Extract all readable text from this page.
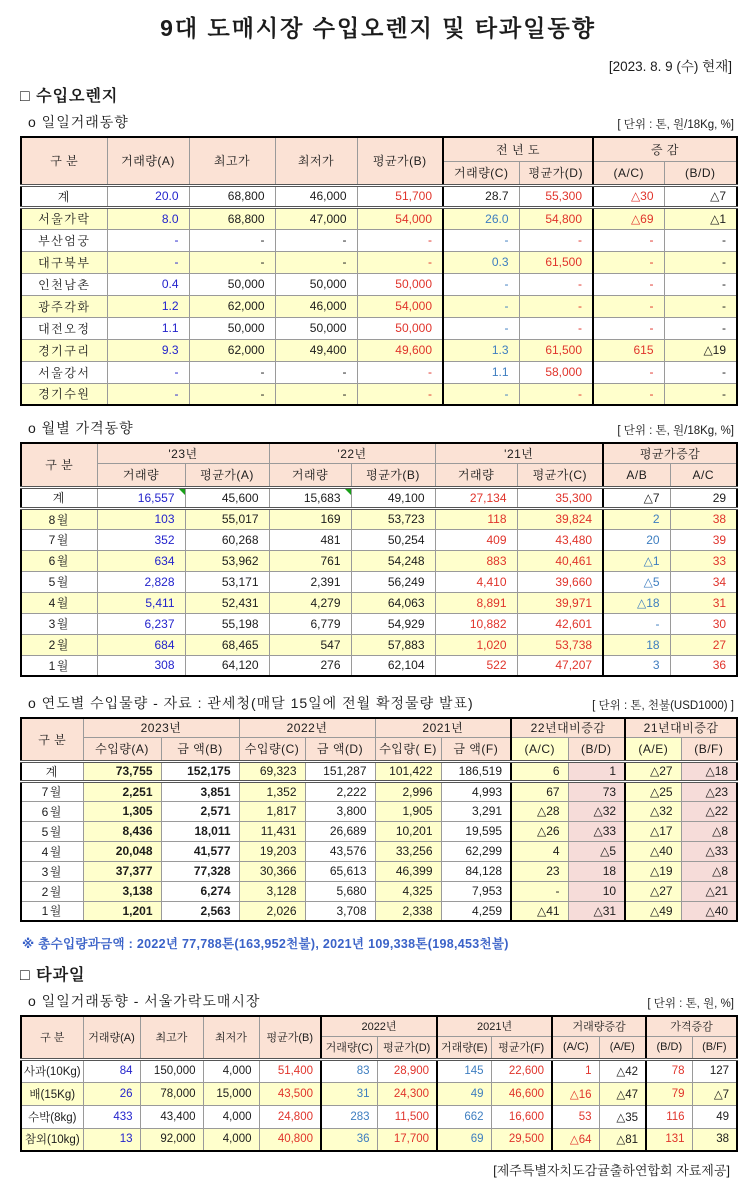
9대 도매시장 수입오렌지 및 타과일동향
[2023. 8. 9 (수) 현재]
□ 수입오렌지
o 일일거래동향	[ 단위 : 톤, 원/18Kg, %]
구 분	거래량(A)	최고가	최저가	평균가(B)	전 년 도		증 감	
					거래량(C)	평균가(D)	(A/C)	(B/D)
계	20.0	68,800	46,000	51,700	28.7	55,300	△30	△7
서울가락	8.0	68,800	47,000	54,000	26.0	54,800	△69	△1
부산엄궁	-	-	-	-	-	-	-	-
대구북부	-	-	-	-	0.3	61,500	-	-
인천남촌	0.4	50,000	50,000	50,000	-	-	-	-
광주각화	1.2	62,000	46,000	54,000	-	-	-	-
대전오정	1.1	50,000	50,000	50,000	-	-	-	-
경기구리	9.3	62,000	49,400	49,600	1.3	61,500	615	△19
서울강서	-	-	-	-	1.1	58,000	-	-
경기수원	-	-	-	-	-	-	-	-
o 월별 가격동향	[ 단위 : 톤, 원/18Kg, %]
구 분	'23년		'22년		'21년		평균가증감	
	거래량	평균가(A)	거래량	평균가(B)	거래량	평균가(C)	A/B	A/C
계	16,557	45,600	15,683	49,100	27,134	35,300	△7	29
8월	103	55,017	169	53,723	118	39,824	2	38
7월	352	60,268	481	50,254	409	43,480	20	39
6월	634	53,962	761	54,248	883	40,461	△1	33
5월	2,828	53,171	2,391	56,249	4,410	39,660	△5	34
4월	5,411	52,431	4,279	64,063	8,891	39,971	△18	31
3월	6,237	55,198	6,779	54,929	10,882	42,601	-	30
2월	684	68,465	547	57,883	1,020	53,738	18	27
1월	308	64,120	276	62,104	522	47,207	3	36
o 연도별 수입물량 - 자료 : 관세청(매달 15일에 전월 확정물량 발표)	[ 단위 : 톤, 천불(USD1000) ]
구 분	2023년		2022년		2021년		22년대비증감		21년대비증감	
	수입량(A)	금 액(B)	수입량(C)	금 액(D)	수입량( E)	금 액(F)	(A/C)	(B/D)	(A/E)	(B/F)
계	73,755	152,175	69,323	151,287	101,422	186,519	6	1	△27	△18
7월	2,251	3,851	1,352	2,222	2,996	4,993	67	73	△25	△23
6월	1,305	2,571	1,817	3,800	1,905	3,291	△28	△32	△32	△22
5월	8,436	18,011	11,431	26,689	10,201	19,595	△26	△33	△17	△8
4월	20,048	41,577	19,203	43,576	33,256	62,299	4	△5	△40	△33
3월	37,377	77,328	30,366	65,613	46,399	84,128	23	18	△19	△8
2월	3,138	6,274	3,128	5,680	4,325	7,953	-	10	△27	△21
1월	1,201	2,563	2,026	3,708	2,338	4,259	△41	△31	△49	△40
※ 총수입량과금액 : 2022년 77,788톤(163,952천불), 2021년 109,338톤(198,453천불)
□ 타과일
o 일일거래동향 - 서울가락도매시장	[ 단위 : 톤, 원, %]
구 분	거래량(A)	최고가	최저가	평균가(B)	2022년		2021년		거래량증감		가격증감	
					거래량(C)	평균가(D)	거래량(E)	평균가(F)	(A/C)	(A/E)	(B/D)	(B/F)
사과(10Kg)	84	150,000	4,000	51,400	83	28,900	145	22,600	1	△42	78	127
배(15Kg)	26	78,000	15,000	43,500	31	24,300	49	46,600	△16	△47	79	△7
수박(8kg)	433	43,400	4,000	24,800	283	11,500	662	16,600	53	△35	116	49
참외(10kg)	13	92,000	4,000	40,800	36	17,700	69	29,500	△64	△81	131	38
[제주특별자치도감귤출하연합회 자료제공]
